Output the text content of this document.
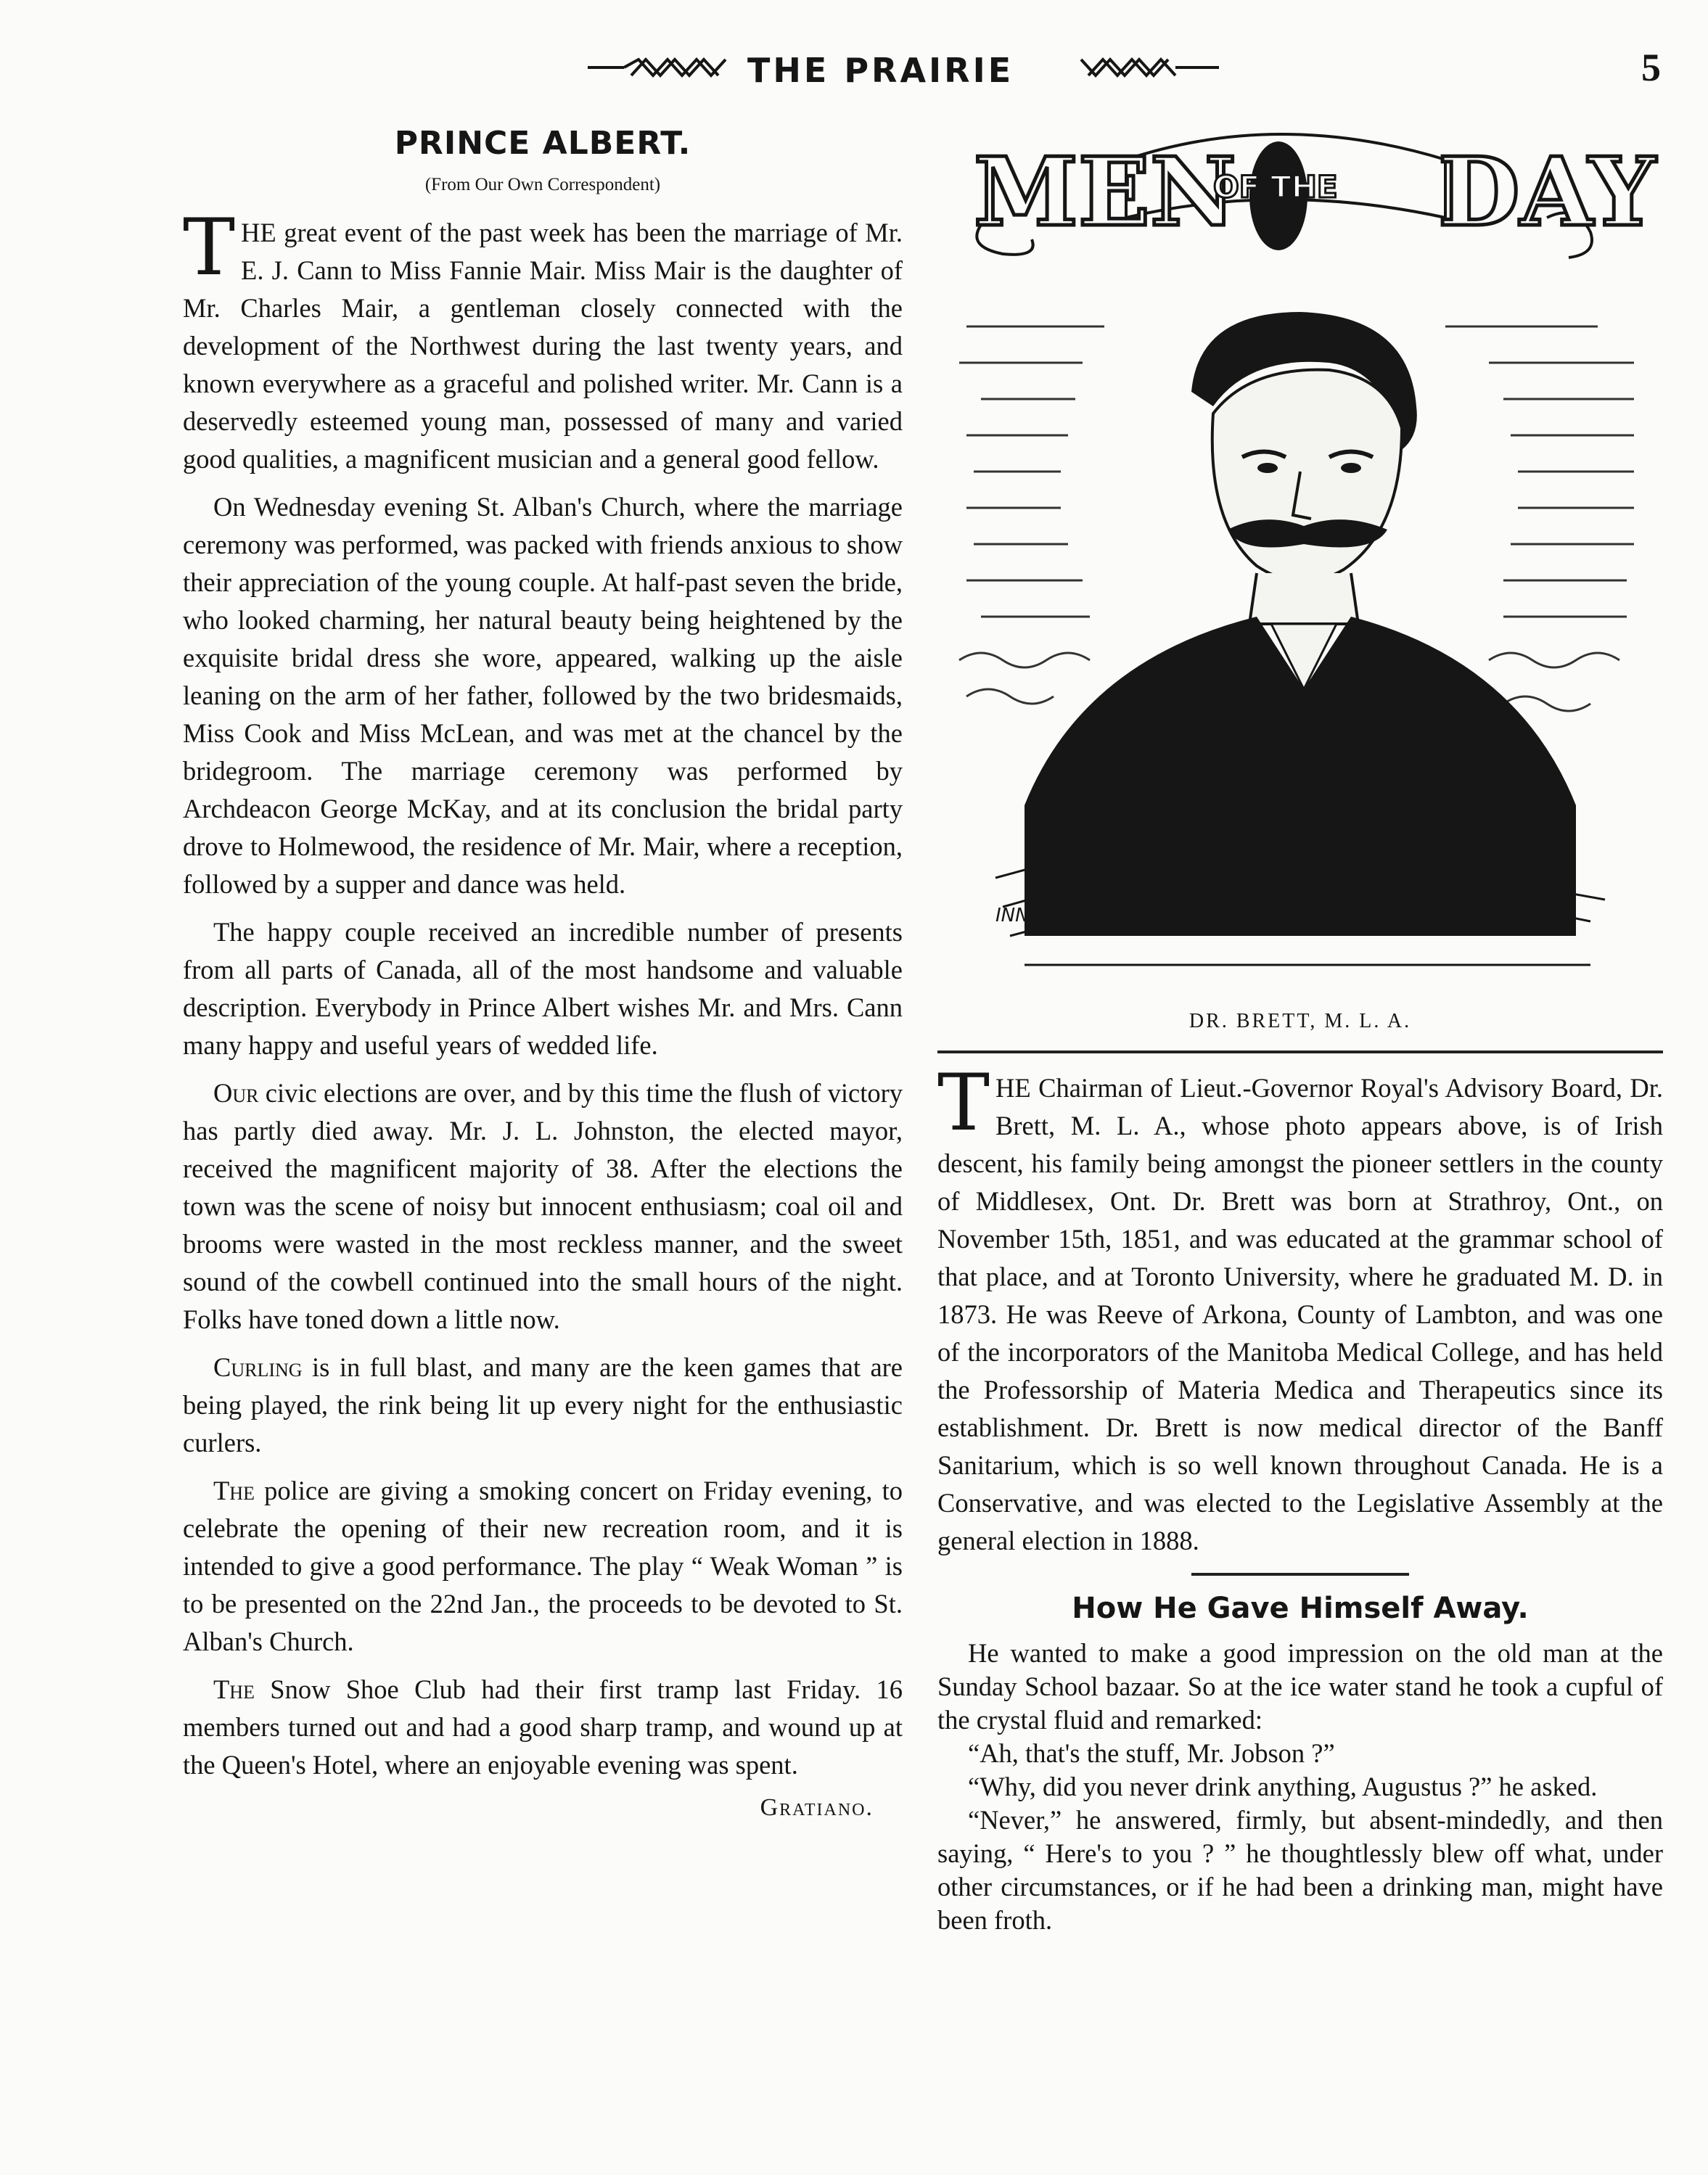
THE PRAIRIE	5
PRINCE ALBERT.
(From Our Own Correspondent)

THE great event of the past week has been the marriage of Mr. E. J. Cann to Miss Fannie Mair. Miss Mair is the daughter of Mr. Charles Mair, a gentleman closely connected with the development of the Northwest during the last twenty years, and known everywhere as a graceful and polished writer. Mr. Cann is a deservedly esteemed young man, possessed of many and varied good qualities, a magnificent musician and a general good fellow.

On Wednesday evening St. Alban's Church, where the marriage ceremony was performed, was packed with friends anxious to show their appreciation of the young couple. At half-past seven the bride, who looked charming, her natural beauty being heightened by the exquisite bridal dress she wore, appeared, walking up the aisle leaning on the arm of her father, followed by the two bridesmaids, Miss Cook and Miss McLean, and was met at the chancel by the bridegroom. The marriage ceremony was performed by Archdeacon George McKay, and at its conclusion the bridal party drove to Holmewood, the residence of Mr. Mair, where a reception, followed by a supper and dance was held.

The happy couple received an incredible number of presents from all parts of Canada, all of the most handsome and valuable description. Everybody in Prince Albert wishes Mr. and Mrs. Cann many happy and useful years of wedded life.

Our civic elections are over, and by this time the flush of victory has partly died away. Mr. J. L. Johnston, the elected mayor, received the magnificent majority of 38. After the elections the town was the scene of noisy but innocent enthusiasm; coal oil and brooms were wasted in the most reckless manner, and the sweet sound of the cowbell continued into the small hours of the night. Folks have toned down a little now.

Curling is in full blast, and many are the keen games that are being played, the rink being lit up every night for the enthusiastic curlers.

The police are giving a smoking concert on Friday evening, to celebrate the opening of their new recreation room, and it is intended to give a good performance. The play “ Weak Woman ” is to be presented on the 22nd Jan., the proceeds to be devoted to St. Alban's Church.

The Snow Shoe Club had their first tramp last Friday. 16 members turned out and had a good sharp tramp, and wound up at the Queen's Hotel, where an enjoyable evening was spent.

Gratiano.
MEN
OF THE DAY
INNES
DR. BRETT, M. L. A.

THE Chairman of Lieut.-Governor Royal's Advisory Board, Dr. Brett, M. L. A., whose photo appears above, is of Irish descent, his family being amongst the pioneer settlers in the county of Middlesex, Ont. Dr. Brett was born at Strathroy, Ont., on November 15th, 1851, and was educated at the grammar school of that place, and at Toronto University, where he graduated M. D. in 1873. He was Reeve of Arkona, County of Lambton, and was one of the incorporators of the Manitoba Medical College, and has held the Professorship of Materia Medica and Therapeutics since its establishment. Dr. Brett is now medical director of the Banff Sanitarium, which is so well known throughout Canada. He is a Conservative, and was elected to the Legislative Assembly at the general election in 1888.

How He Gave Himself Away.

He wanted to make a good impression on the old man at the Sunday School bazaar. So at the ice water stand he took a cupful of the crystal fluid and remarked:

“Ah, that's the stuff, Mr. Jobson ?”

“Why, did you never drink anything, Augustus ?” he asked.

“Never,” he answered, firmly, but absent-mindedly, and then saying, “ Here's to you ? ” he thoughtlessly blew off what, under other circumstances, or if he had been a drinking man, might have been froth.
